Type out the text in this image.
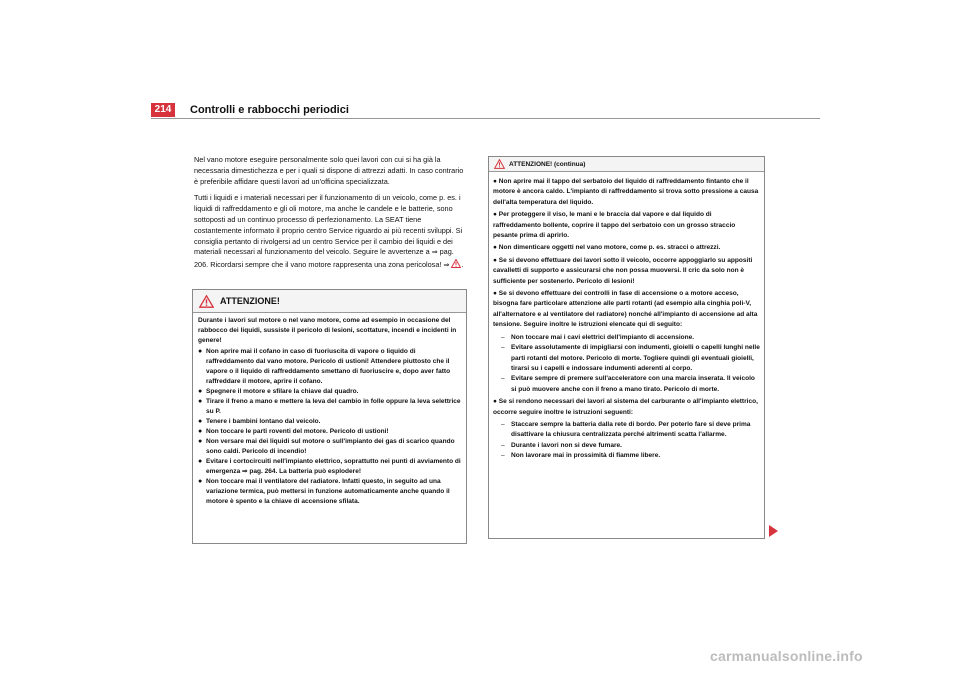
214	Controlli e rabbocchi periodici

Nel vano motore eseguire personalmente solo quei lavori con cui si ha già la necessaria dimestichezza e per i quali si dispone di attrezzi adatti. In caso contrario è preferibile affidare questi lavori ad un'officina specializzata.

Tutti i liquidi e i materiali necessari per il funzionamento di un veicolo, come p. es. i liquidi di raffreddamento e gli oli motore, ma anche le candele e le batterie, sono sottoposti ad un continuo processo di perfezionamento. La SEAT tiene costantemente informato il proprio centro Service riguardo ai più recenti sviluppi. Si consiglia pertanto di rivolgersi ad un centro Service per il cambio dei liquidi e dei materiali necessari al funzionamento del veicolo. Seguire le avvertenze a ⇒ pag. 206. Ricordarsi sempre che il vano motore rappresenta una zona pericolosa! ⇒ .

ATTENZIONE!

Durante i lavori sul motore o nel vano motore, come ad esempio in occasione del rabbocco dei liquidi, sussiste il pericolo di lesioni, scottature, incendi e incidenti in genere!

● Non aprire mai il cofano in caso di fuoriuscita di vapore o liquido di raffreddamento dal vano motore. Pericolo di ustioni! Attendere piuttosto che il vapore o il liquido di raffreddamento smettano di fuoriuscire e, dopo aver fatto raffreddare il motore, aprire il cofano.
● Spegnere il motore e sfilare la chiave dal quadro.
● Tirare il freno a mano e mettere la leva del cambio in folle oppure la leva selettrice su P.
● Tenere i bambini lontano dal veicolo.
● Non toccare le parti roventi del motore. Pericolo di ustioni!
● Non versare mai dei liquidi sul motore o sull'impianto dei gas di scarico quando sono caldi. Pericolo di incendio!
● Evitare i cortocircuiti nell'impianto elettrico, soprattutto nei punti di avviamento di emergenza ⇒ pag. 264. La batteria può esplodere!
● Non toccare mai il ventilatore del radiatore. Infatti questo, in seguito ad una variazione termica, può mettersi in funzione automaticamente anche quando il motore è spento e la chiave di accensione sfilata.
ATTENZIONE! (continua)
● Non aprire mai il tappo del serbatoio del liquido di raffreddamento fintanto che il motore è ancora caldo. L'impianto di raffreddamento si trova sotto pressione a causa dell'alta temperatura del liquido.
● Per proteggere il viso, le mani e le braccia dal vapore e dal liquido di raffreddamento bollente, coprire il tappo del serbatoio con un grosso straccio pesante prima di aprirlo.
● Non dimenticare oggetti nel vano motore, come p. es. stracci o attrezzi.
● Se si devono effettuare dei lavori sotto il veicolo, occorre appoggiarlo su appositi cavalletti di supporto e assicurarsi che non possa muoversi. Il cric da solo non è sufficiente per sostenerlo. Pericolo di lesioni!
● Se si devono effettuare dei controlli in fase di accensione o a motore acceso, bisogna fare particolare attenzione alle parti rotanti (ad esempio alla cinghia poli-V, all'alternatore e al ventilatore del radiatore) nonché all'impianto di accensione ad alta tensione. Seguire inoltre le istruzioni elencate qui di seguito:
– Non toccare mai i cavi elettrici dell'impianto di accensione.
– Evitare assolutamente di impigliarsi con indumenti, gioielli o capelli lunghi nelle parti rotanti del motore. Pericolo di morte. Togliere quindi gli eventuali gioielli, tirarsi su i capelli e indossare indumenti aderenti al corpo.
– Evitare sempre di premere sull'acceleratore con una marcia inserata. Il veicolo si può muovere anche con il freno a mano tirato. Pericolo di morte.
● Se si rendono necessari dei lavori al sistema del carburante o all'impianto elettrico, occorre seguire inoltre le istruzioni seguenti:
– Staccare sempre la batteria dalla rete di bordo. Per poterlo fare si deve prima disattivare la chiusura centralizzata perché altrimenti scatta l'allarme.
– Durante i lavori non si deve fumare.
– Non lavorare mai in prossimità di fiamme libere.
carmanualsonline.info
